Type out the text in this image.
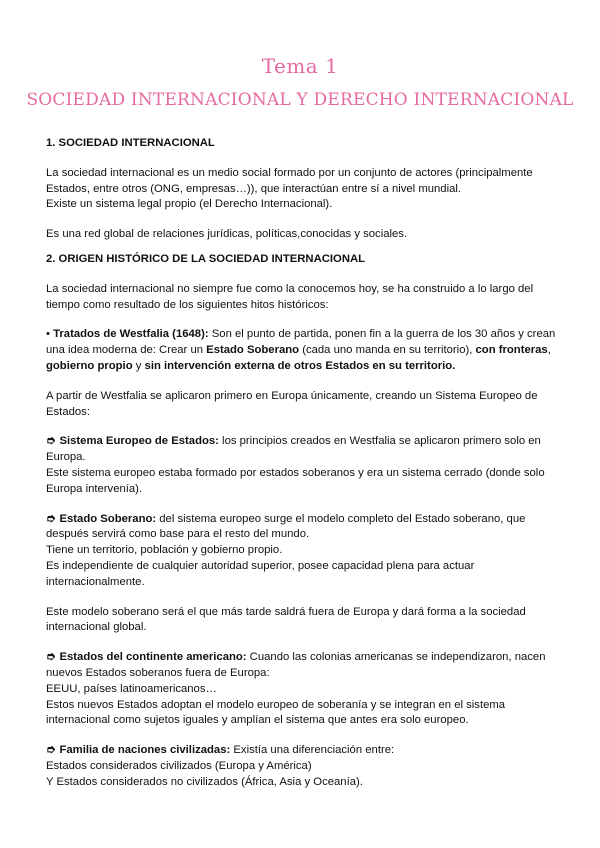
Tema 1
SOCIEDAD INTERNACIONAL Y DERECHO INTERNACIONAL

1. SOCIEDAD INTERNACIONAL

La sociedad internacional es un medio social formado por un conjunto de actores (principalmente Estados, entre otros (ONG, empresas…)), que interactúan entre sí a nivel mundial.

Existe un sistema legal propio (el Derecho Internacional).

Es una red global de relaciones jurídicas, políticas,conocidas y sociales.

2. ORIGEN HISTÓRICO DE LA SOCIEDAD INTERNACIONAL

La sociedad internacional no siempre fue como la conocemos hoy, se ha construido a lo largo del tiempo como resultado de los siguientes hitos históricos:

• Tratados de Westfalia (1648): Son el punto de partida, ponen fin a la guerra de los 30 años y crean una idea moderna de: Crear un Estado Soberano (cada uno manda en su territorio), con fronteras, gobierno propio y sin intervención externa de otros Estados en su territorio.

A partir de Westfalia se aplicaron primero en Europa únicamente, creando un Sistema Europeo de Estados:

➮ Sistema Europeo de Estados: los principios creados en Westfalia se aplicaron primero solo en Europa.

Este sistema europeo estaba formado por estados soberanos y era un sistema cerrado (donde solo Europa intervenía).

➮ Estado Soberano: del sistema europeo surge el modelo completo del Estado soberano, que después servirá como base para el resto del mundo.

Tiene un territorio, población y gobierno propio.

Es independiente de cualquier autoridad superior, posee capacidad plena para actuar internacionalmente.

Este modelo soberano será el que más tarde saldrá fuera de Europa y dará forma a la sociedad internacional global.

➮ Estados del continente americano: Cuando las colonias americanas se independizaron, nacen nuevos Estados soberanos fuera de Europa:

EEUU, países latinoamericanos…

Estos nuevos Estados adoptan el modelo europeo de soberanía y se integran en el sistema internacional como sujetos iguales y amplían el sistema que antes era solo europeo.

➮ Familia de naciones civilizadas: Existía una diferenciación entre:

Estados considerados civilizados (Europa y América)

Y Estados considerados no civilizados (África, Asia y Oceanía).
